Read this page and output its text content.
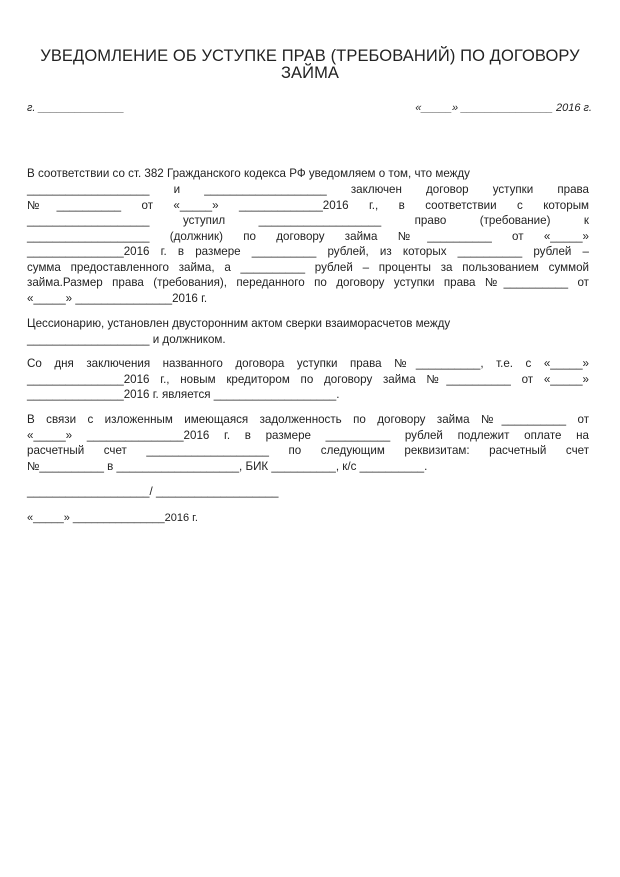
УВЕДОМЛЕНИЕ ОБ УСТУПКЕ ПРАВ (ТРЕБОВАНИЙ) ПО ДОГОВОРУ
ЗАЙМА
г. ______________	«_____» _______________ 2016 г.
В соответствии со ст. 382 Гражданского кодекса РФ уведомляем о том, что между
___________________ и ___________________ заключен договор уступки права
№__________ от «_____» _____________2016 г., в соответствии с которым
___________________ уступил ___________________ право (требование) к
___________________ (должник) по договору займа №__________ от «_____»
_______________2016 г. в размере __________ рублей, из которых __________ рублей –
сумма предоставленного займа, а __________ рублей – проценты за пользованием суммой
займа.Размер права (требования), переданного по договору уступки права №__________ от
«_____» _______________2016 г.
Цессионарию, установлен двусторонним актом сверки взаиморасчетов между
___________________ и должником.
Со дня заключения названного договора уступки права №__________, т.е. с «_____»
_______________2016 г., новым кредитором по договору займа №__________ от «_____»
_______________2016 г. является ___________________.
В связи с изложенным имеющаяся задолженность по договору займа №__________ от
«_____» _______________2016 г. в размере __________ рублей подлежит оплате на
расчетный счет ___________________ по следующим реквизитам: расчетный счет
№__________ в ___________________, БИК __________, к/с __________.
___________________/ ___________________
«_____» _______________2016 г.
